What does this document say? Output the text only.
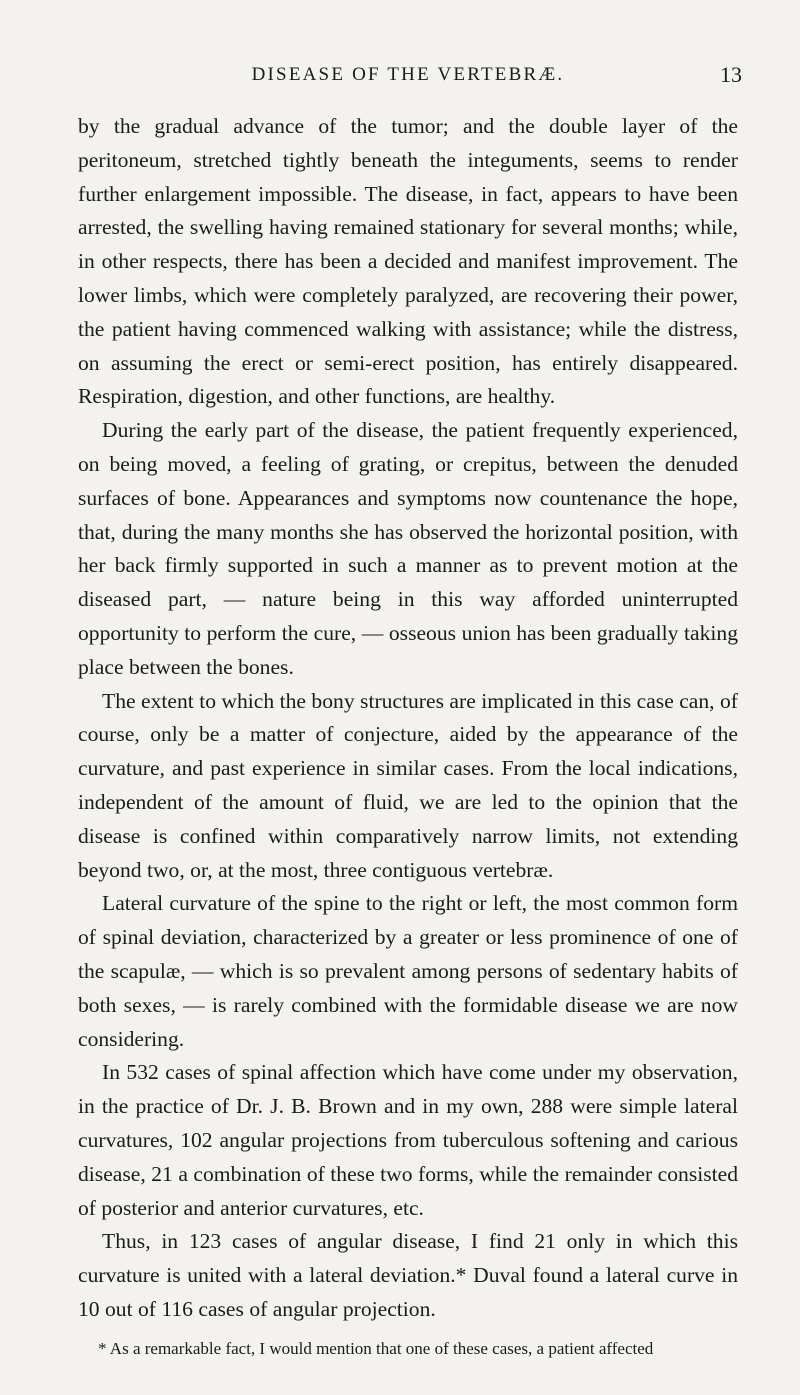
DISEASE OF THE VERTEBRÆ.	13

by the gradual advance of the tumor; and the double layer of the peritoneum, stretched tightly beneath the integuments, seems to render further enlargement impossible. The disease, in fact, appears to have been arrested, the swelling having remained stationary for several months; while, in other respects, there has been a decided and manifest improvement. The lower limbs, which were completely paralyzed, are recovering their power, the patient having commenced walking with assistance; while the distress, on assuming the erect or semi-erect position, has entirely disappeared. Respiration, digestion, and other functions, are healthy.

During the early part of the disease, the patient frequently experienced, on being moved, a feeling of grating, or crepitus, between the denuded surfaces of bone. Appearances and symptoms now countenance the hope, that, during the many months she has observed the horizontal position, with her back firmly supported in such a manner as to prevent motion at the diseased part, — nature being in this way afforded uninterrupted opportunity to perform the cure, — osseous union has been gradually taking place between the bones.

The extent to which the bony structures are implicated in this case can, of course, only be a matter of conjecture, aided by the appearance of the curvature, and past experience in similar cases. From the local indications, independent of the amount of fluid, we are led to the opinion that the disease is confined within comparatively narrow limits, not extending beyond two, or, at the most, three contiguous vertebræ.

Lateral curvature of the spine to the right or left, the most common form of spinal deviation, characterized by a greater or less prominence of one of the scapulæ, — which is so prevalent among persons of sedentary habits of both sexes, — is rarely combined with the formidable disease we are now considering.

In 532 cases of spinal affection which have come under my observation, in the practice of Dr. J. B. Brown and in my own, 288 were simple lateral curvatures, 102 angular projections from tuberculous softening and carious disease, 21 a combination of these two forms, while the remainder consisted of posterior and anterior curvatures, etc.

Thus, in 123 cases of angular disease, I find 21 only in which this curvature is united with a lateral deviation.* Duval found a lateral curve in 10 out of 116 cases of angular projection.

* As a remarkable fact, I would mention that one of these cases, a patient affected
